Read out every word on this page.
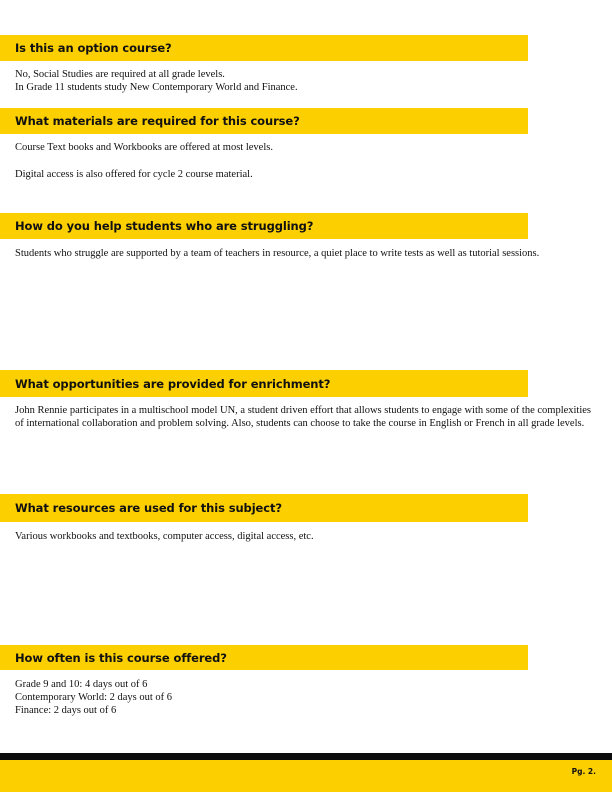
Is this an option course?

No, Social Studies are required at all grade levels.

In Grade 11 students study New Contemporary World and Finance.

What materials are required for this course?

Course Text books and Workbooks are offered at most levels.

Digital access is also offered for cycle 2 course material.

How do you help students who are struggling?

Students who struggle are supported by a team of teachers in resource, a quiet place to write tests as well as tutorial sessions.

What opportunities are provided for enrichment?

John Rennie participates in a multischool model UN, a student driven effort that allows students to engage with some of the complexities of international collaboration and problem solving. Also, students can choose to take the course in English or French in all grade levels.

What resources are used for this subject?

Various workbooks and textbooks, computer access, digital access, etc.

How often is this course offered?

Grade 9 and 10: 4 days out of 6

Contemporary World: 2 days out of 6

Finance: 2 days out of 6

Pg. 2.
